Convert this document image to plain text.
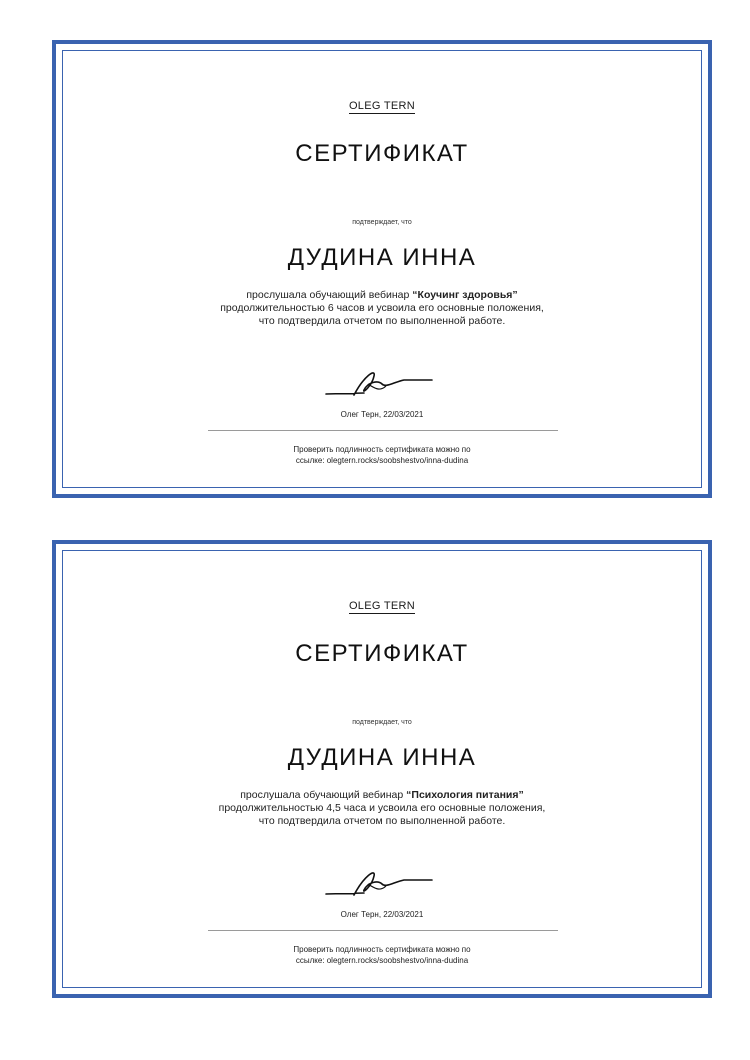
OLEG TERN
СЕРТИФИКАТ
подтверждает, что
ДУДИНА ИННА
прослушала обучающий вебинар “Коучинг здоровья”
продолжительностью 6 часов и усвоила его основные положения,
что подтвердила отчетом по выполненной работе.
Олег Терн, 22/03/2021
Проверить подлинность сертификата можно по
ссылке: olegtern.rocks/soobshestvo/inna-dudina
OLEG TERN
СЕРТИФИКАТ
подтверждает, что
ДУДИНА ИННА
прослушала обучающий вебинар “Психология питания”
продолжительностью 4,5 часа и усвоила его основные положения,
что подтвердила отчетом по выполненной работе.
Олег Терн, 22/03/2021
Проверить подлинность сертификата можно по
ссылке: olegtern.rocks/soobshestvo/inna-dudina
